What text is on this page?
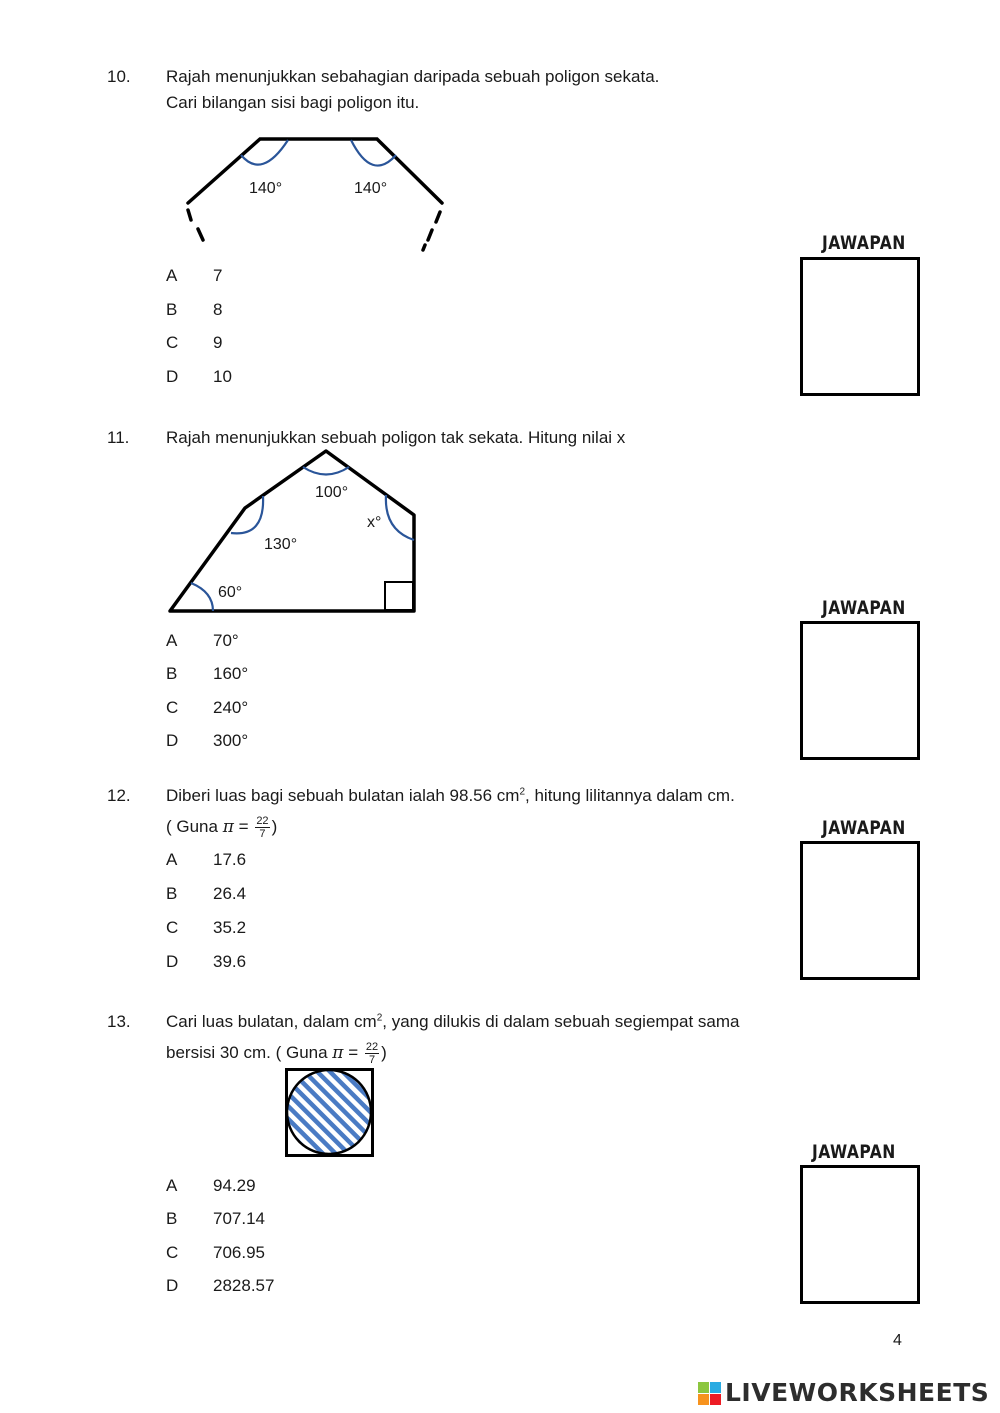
10.	Rajah menunjukkan sebahagian daripada sebuah poligon sekata.
Cari bilangan sisi bagi poligon itu.
140°	140°
A 7
B 8
C 9
D 10
JAWAPAN
11.	Rajah menunjukkan sebuah poligon tak sekata. Hitung nilai x
100°
x°
130°
60°
A 70°
B 160°
C 240°
D 300°
JAWAPAN
12.	Diberi luas bagi sebuah bulatan ialah 98.56 $cm^2$, hitung lilitannya dalam cm.
( Guna $\pi = \frac{22}{7}$ )
A 17.6
B 26.4
C 35.2
D 39.6
JAWAPAN
13.	Cari luas bulatan, dalam $cm^2$, yang dilukis di dalam sebuah segiempat sama
bersisi 30 cm. ( Guna $\pi = \frac{22}{7}$ )
A 94.29
B 707.14
C 706.95
D 2828.57
JAWAPAN
4
LIVEWORKSHEETS
